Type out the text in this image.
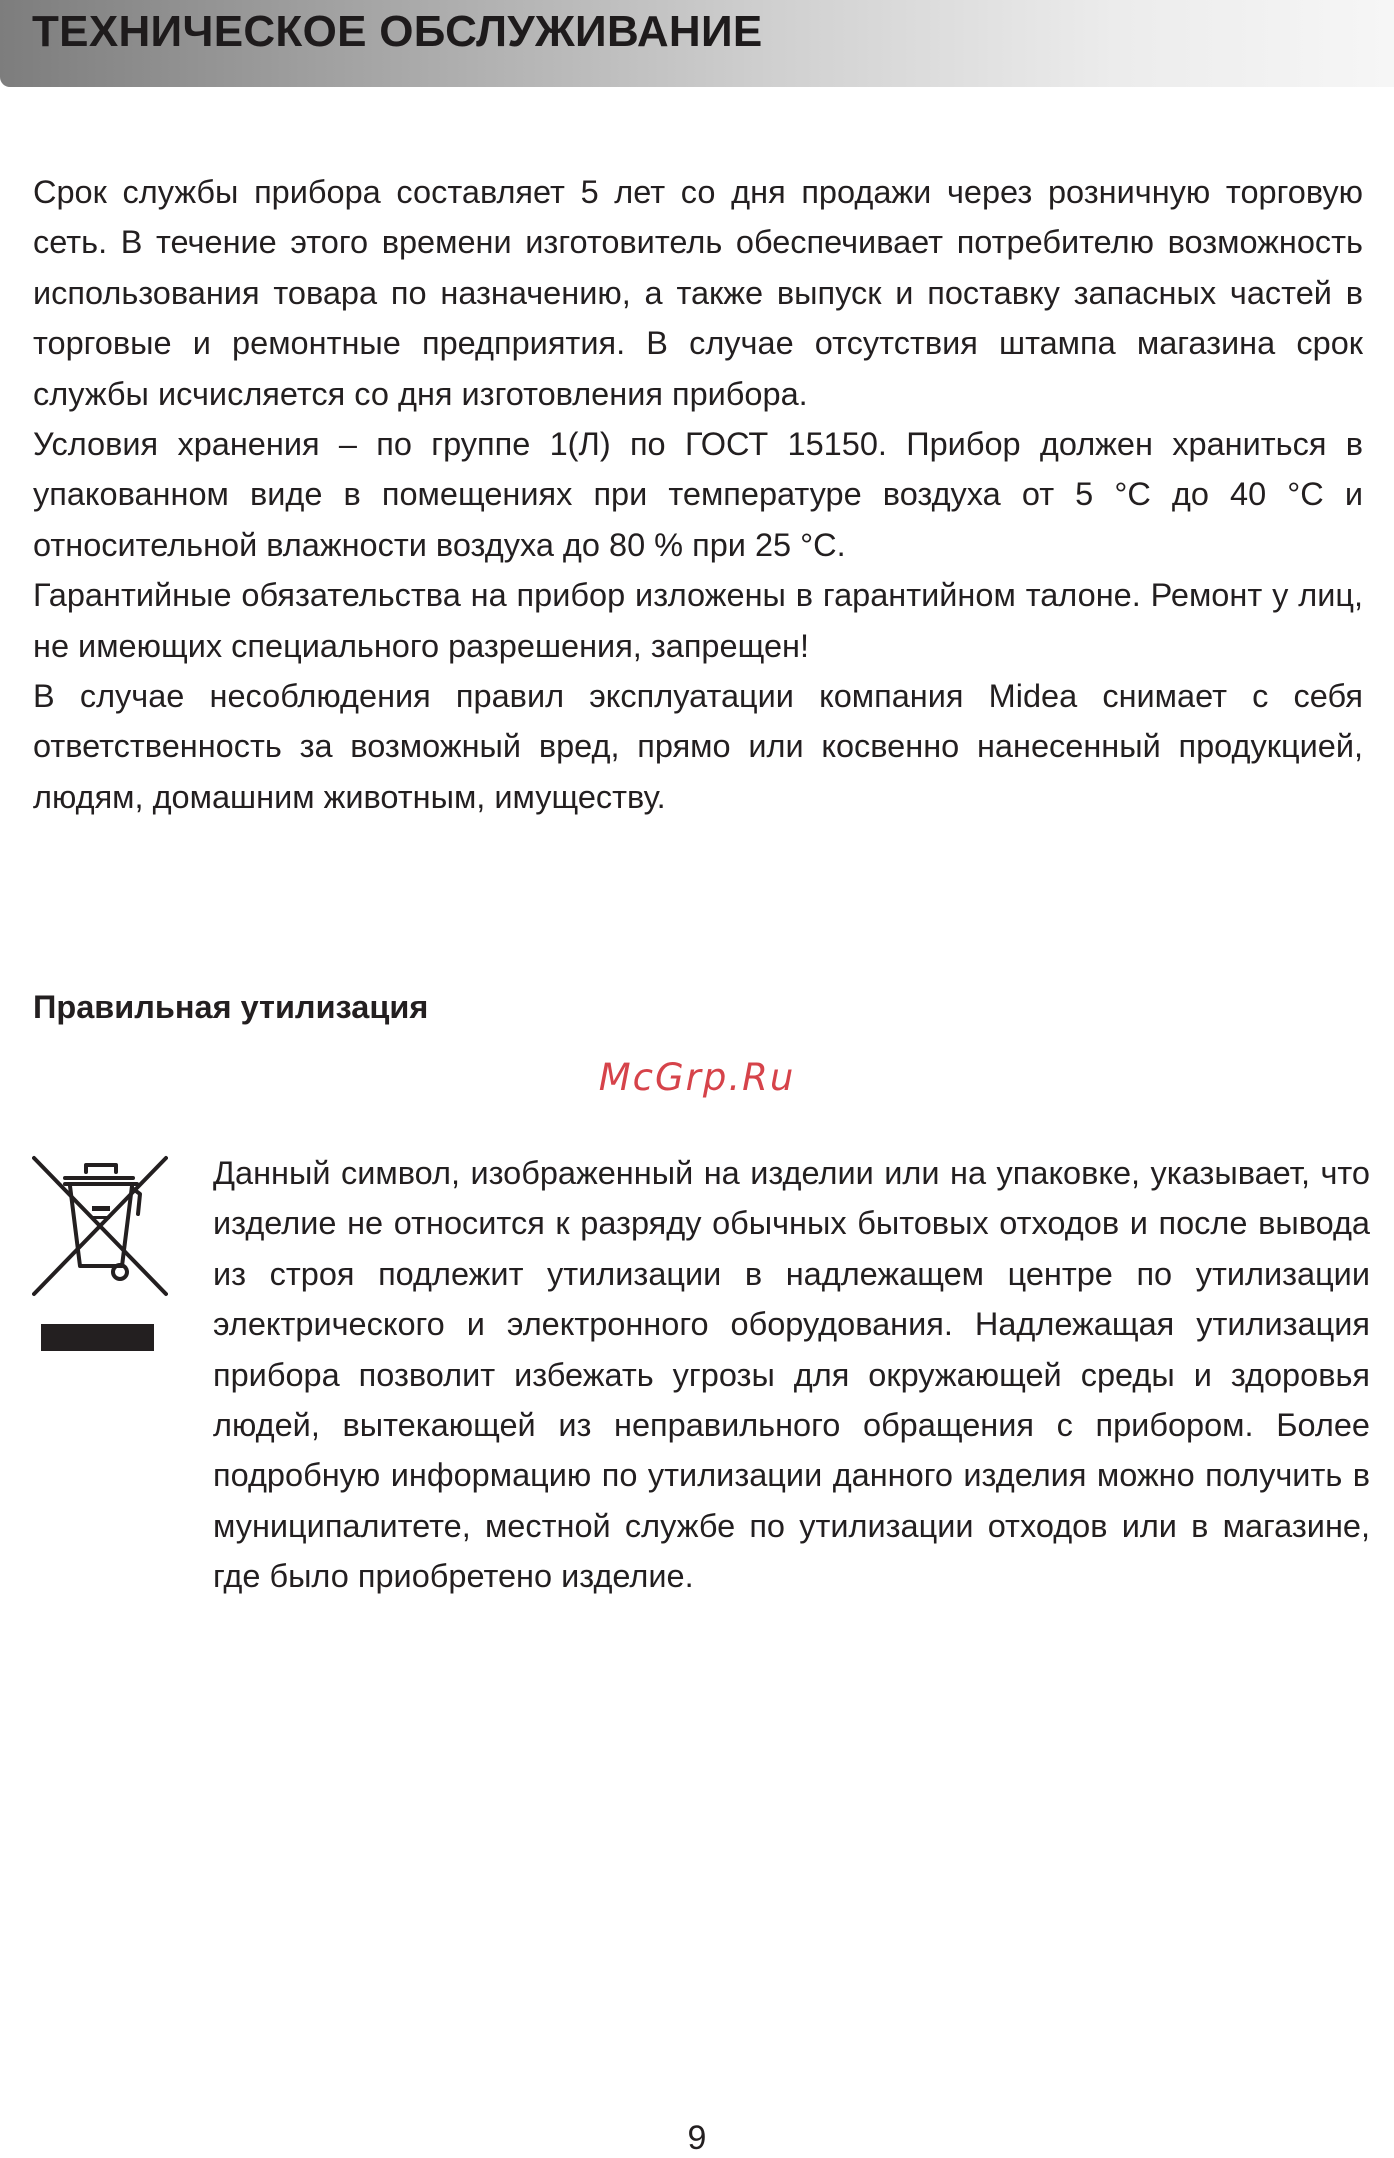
ТЕХНИЧЕСКОЕ ОБСЛУЖИВАНИЕ

Срок службы прибора составляет 5 лет со дня продажи через розничную торговую сеть. В течение этого времени изготовитель обеспечивает потребителю возможность использования товара по назначению, а также выпуск и поставку запасных частей в торговые и ремонтные предприятия. В случае отсутствия штампа магазина срок службы исчисляется со дня изготовления прибора.

Условия хранения – по группе 1(Л) по ГОСТ 15150. Прибор должен храниться в упакованном виде в помещениях при температуре воздуха от 5 °С до 40 °С и относительной влажности воздуха до 80 % при 25 °С.

Гарантийные обязательства на прибор изложены в гарантийном талоне. Ремонт у лиц, не имеющих специального разрешения, запрещен!

В случае несоблюдения правил эксплуатации компания Midea снимает с себя ответственность за возможный вред, прямо или косвенно нанесенный продукцией, людям, домашним животным, имуществу.

Правильная утилизация
McGrp.Ru

Данный символ, изображенный на изделии или на упаковке, указывает, что изделие не относится к разряду обычных бытовых отходов и после вывода из строя подлежит утилизации в надлежащем центре по утилизации электрического и электронного оборудования. Надлежащая утилизация прибора позволит избежать угрозы для окружающей среды и здоровья людей, вытекающей из неправильного обращения с прибором. Более подробную информацию по утилизации данного изделия можно получить в муниципалитете, местной службе по утилизации отходов или в магазине, где было приобретено изделие.

9
